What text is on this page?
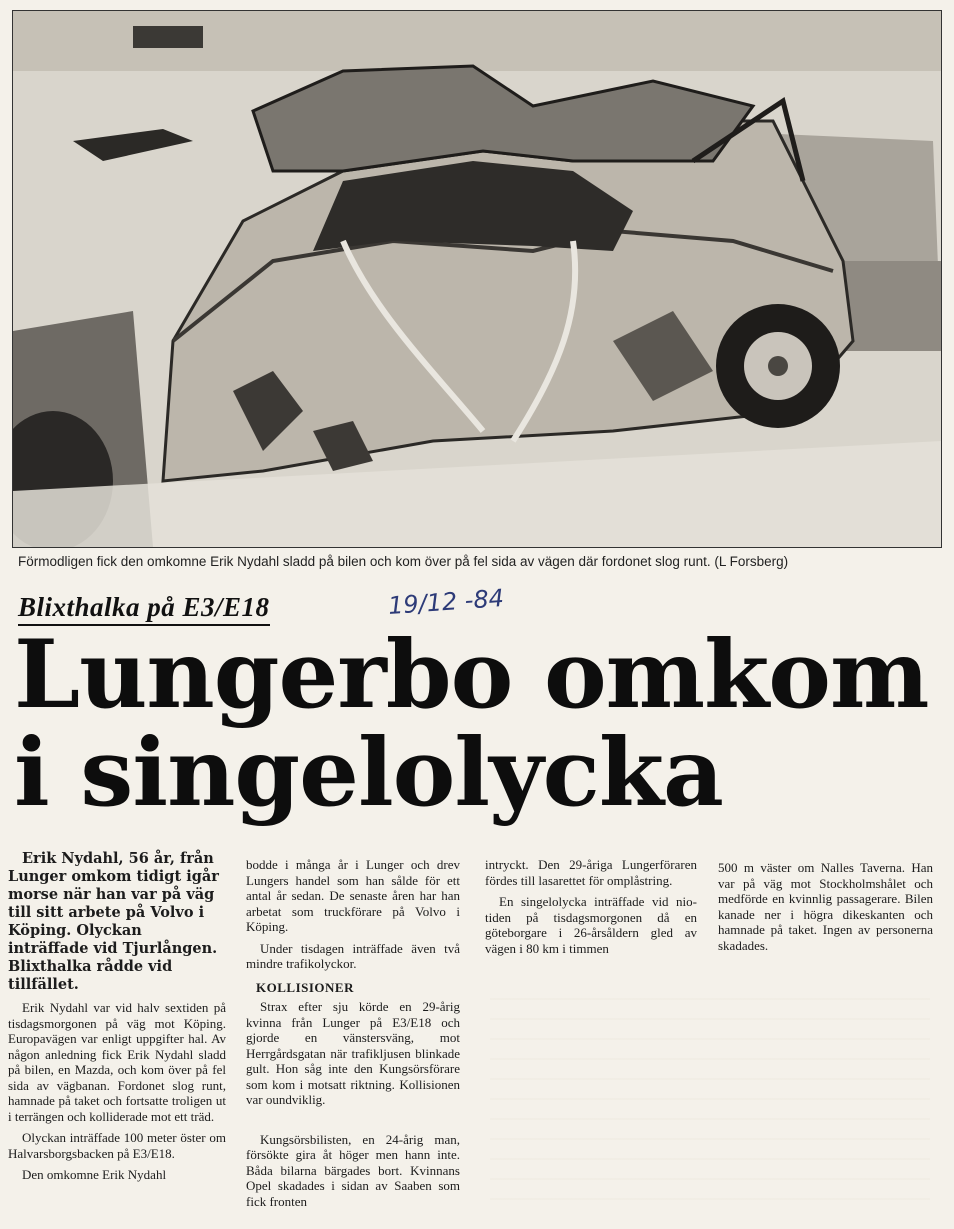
Förmodligen fick den omkomne Erik Nydahl sladd på bilen och kom över på fel sida av vägen där fordonet slog runt. (L Forsberg)
Blixthalka på E3/E18	19/12 -84
Lungerbo omkom
i singelolycka

Erik Nydahl, 56 år, från Lunger omkom tidigt igår morse när han var på väg till sitt arbete på Volvo i Köping. Olyckan inträffade vid Tjurlången. Blixthalka rådde vid tillfället.

Erik Nydahl var vid halv sextiden på tisdagsmorgonen på väg mot Köping. Europavägen var enligt uppgifter hal. Av någon anledning fick Erik Nydahl sladd på bilen, en Mazda, och kom över på fel sida av vägbanan. Fordonet slog runt, hamnade på taket och fortsatte troligen ut i terrängen och kolliderade mot ett träd.

Olyckan inträffade 100 meter öster om Halvarsborgsbacken på E3/E18.

Den omkomne Erik Nydahl

bodde i många år i Lunger och drev Lungers handel som han sålde för ett antal år sedan. De senaste åren har han arbetat som truckförare på Volvo i Köping.

Under tisdagen inträffade även två mindre trafikolyckor.

KOLLISIONER

Strax efter sju körde en 29-årig kvinna från Lunger på E3/E18 och gjorde en vänstersväng, mot Herrgårdsgatan när trafikljusen blinkade gult. Hon såg inte den Kungsörsförare som kom i motsatt riktning. Kollisionen var oundviklig.

Kungsörsbilisten, en 24-årig man, försökte gira åt höger men hann inte. Båda bilarna bärgades bort. Kvinnans Opel skadades i sidan av Saaben som fick fronten

intryckt. Den 29-åriga Lungerföraren fördes till lasarettet för omplåstring.

En singelolycka inträffade vid nio-tiden på tisdagsmorgonen då en göteborgare i 26-årsåldern gled av vägen i 80 km i timmen

500 m väster om Nalles Taverna. Han var på väg mot Stockholmshålet och medförde en kvinnlig passagerare. Bilen kanade ner i högra dikeskanten och hamnade på taket. Ingen av personerna skadades.
